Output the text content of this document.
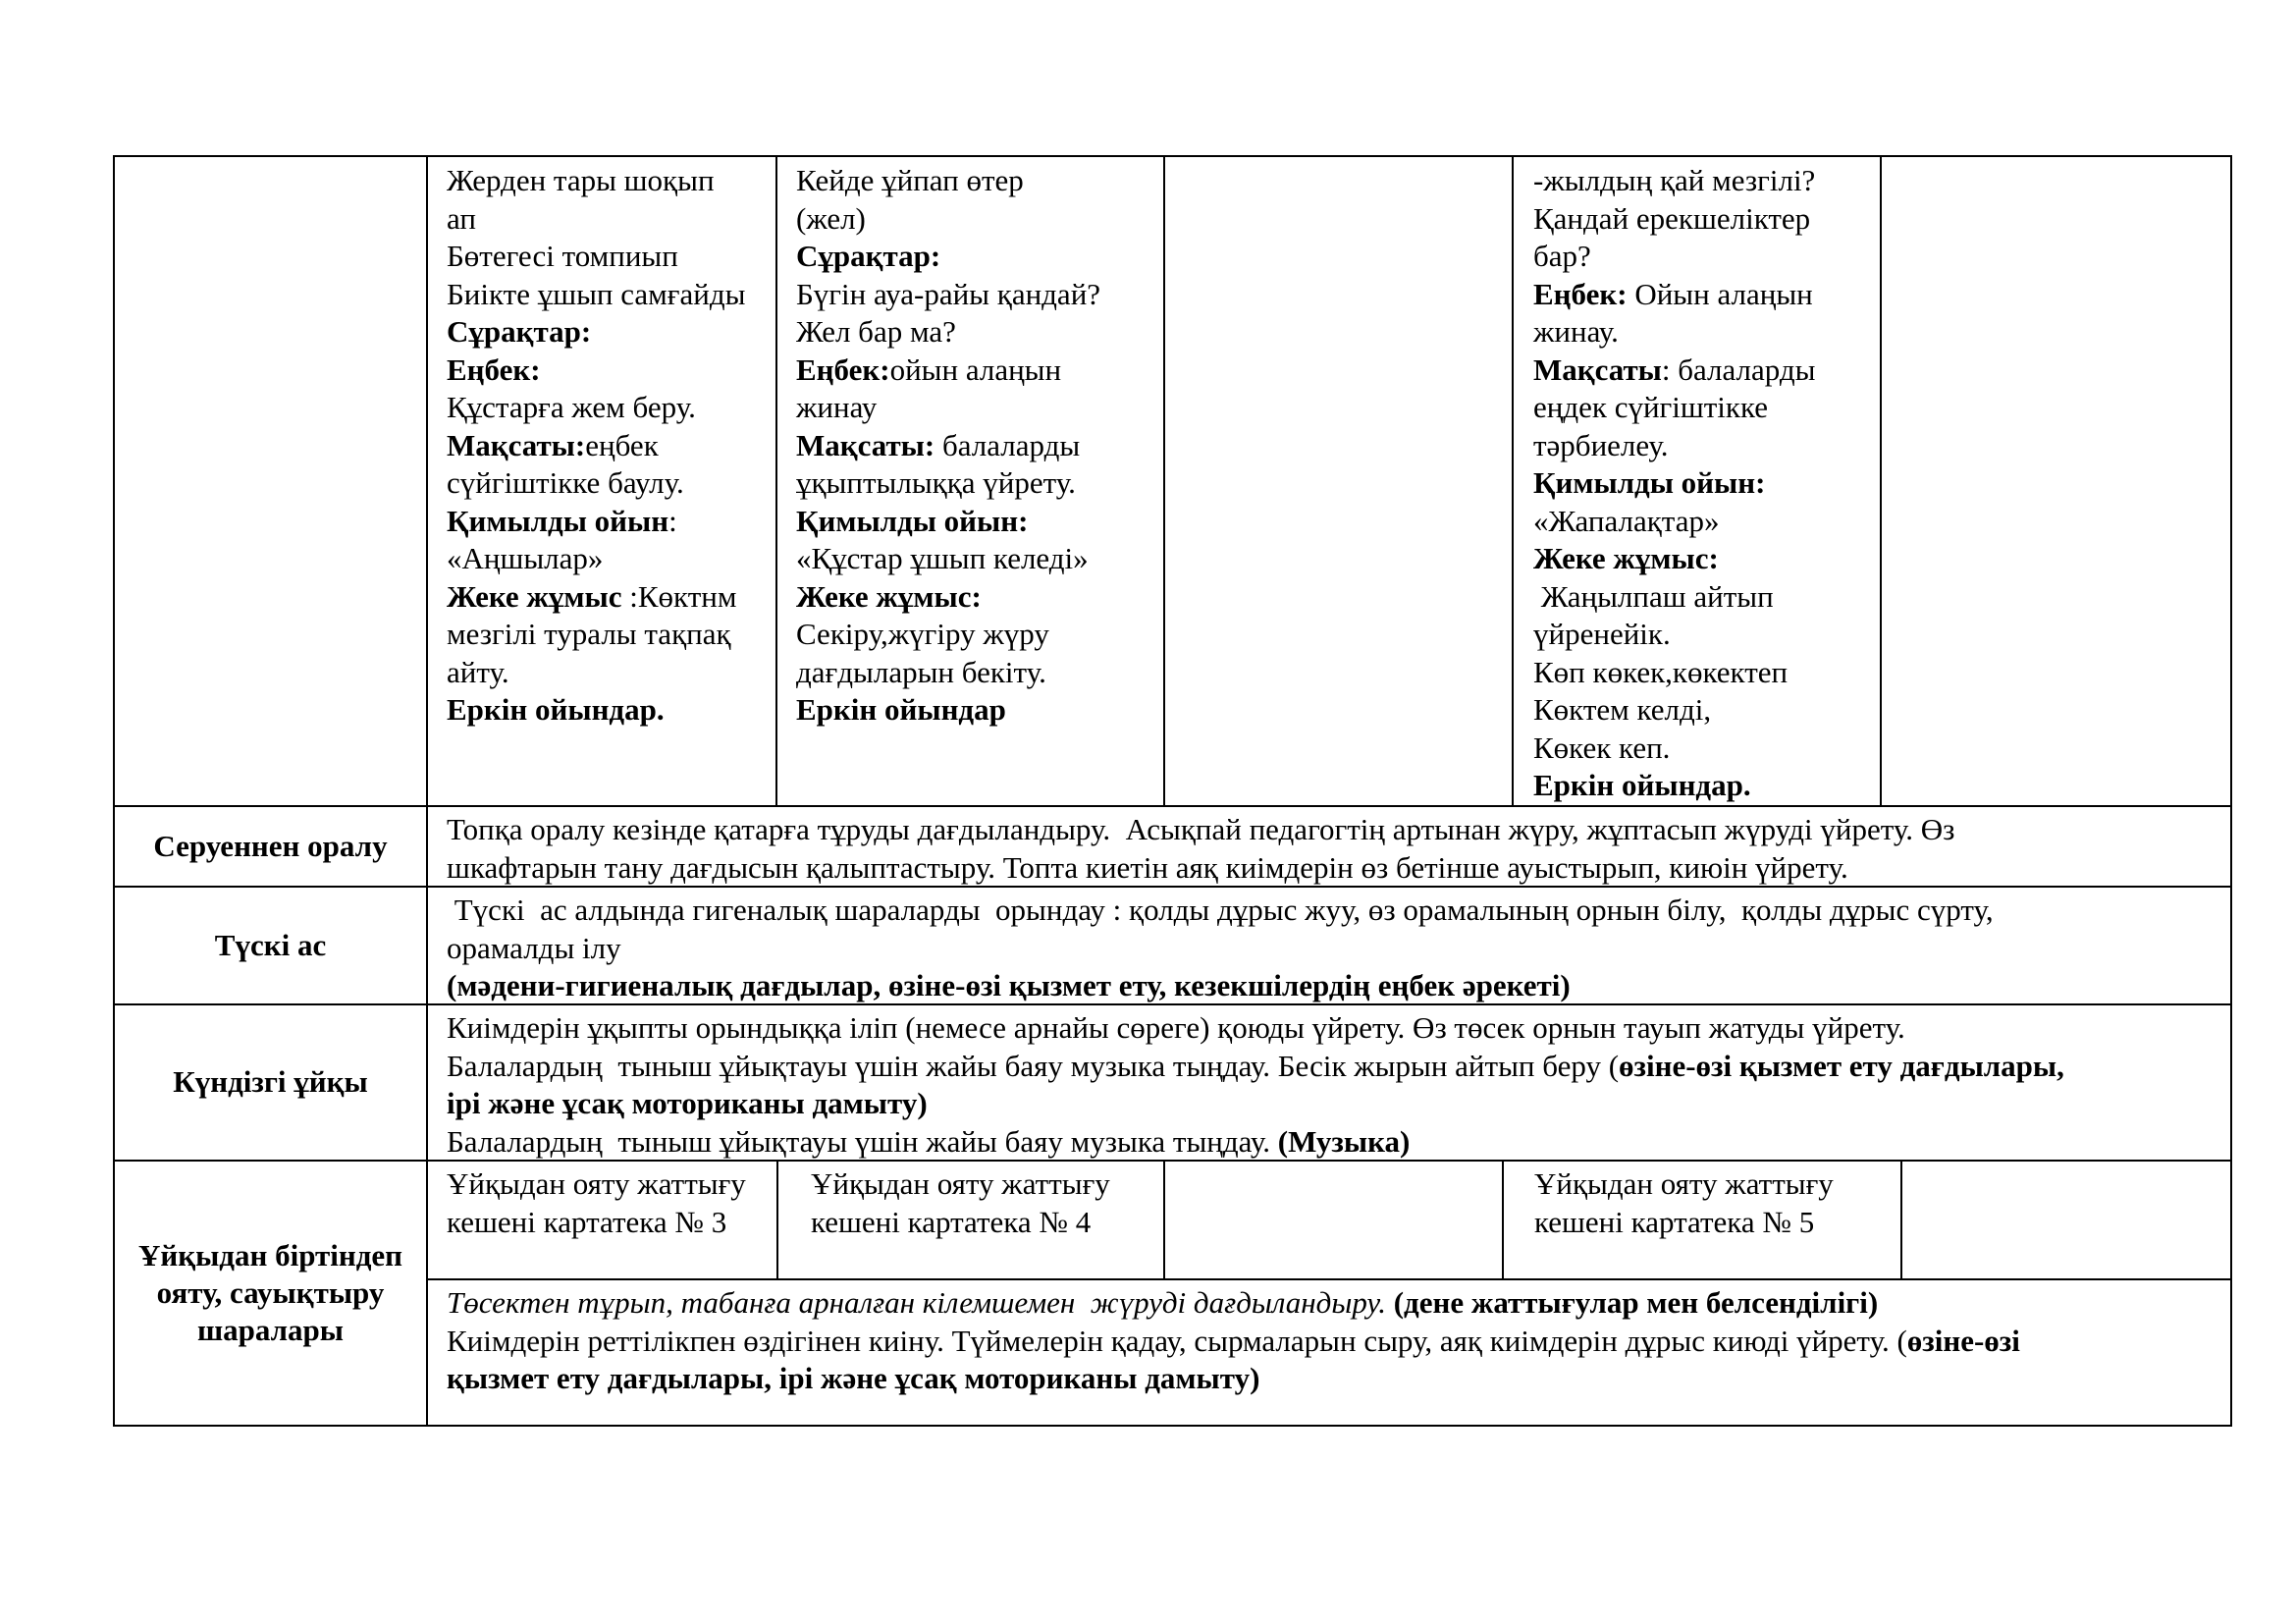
Жерден тары шоқып
ап
Бөтегесі томпиып
Биікте ұшып самғайды
Сұрақтар:
Еңбек:
Құстарға жем беру.
Мақсаты:еңбек
сүйгіштікке баулу.
Қимылды ойын:
«Аңшылар»
Жеке жұмыс :Көктнм
мезгілі туралы тақпақ
айту.
Еркін ойындар.
Кейде ұйпап өтер
(жел)
Сұрақтар:
Бүгін ауа-райы қандай?
Жел бар ма?
Еңбек:ойын алаңын
жинау
Мақсаты: балаларды
ұқыптылыққа үйрету.
Қимылды ойын:
«Құстар ұшып келеді»
Жеке жұмыс:
Секіру,жүгіру жүру
дағдыларын бекіту.
Еркін ойындар
-жылдың қай мезгілі?
Қандай ерекшеліктер
бар?
Еңбек: Ойын алаңын
жинау.
Мақсаты: балаларды
еңдек сүйгіштікке
тәрбиелеу.
Қимылды ойын:
«Жапалақтар»
Жеке жұмыс:
Жаңылпаш айтып
үйренейік.
Көп көкек,көкектеп
Көктем келді,
Көкек кеп.
Еркін ойындар.
Серуеннен оралу	Топқа оралу кезінде қатарға тұруды дағдыландыру.  Асықпай педагогтің артынан жүру, жұптасып жүруді үйрету. Өз
шкафтарын тану дағдысын қалыптастыру. Топта киетін аяқ киімдерін өз бетінше ауыстырып, киюін үйрету.
Түскі ас
Түскі  ас алдында гигеналық шараларды  орындау : қолды дұрыс жуу, өз орамалының орнын білу,  қолды дұрыс сүрту,
орамалды ілу
(мәдени-гигиеналық дағдылар, өзіне-өзі қызмет ету, кезекшілердің еңбек әрекеті)
Күндізгі ұйқы
Киімдерін ұқыпты орындыққа іліп (немесе арнайы сөреге) қоюды үйрету. Өз төсек орнын тауып жатуды үйрету.
Балалардың  тыныш ұйықтауы үшін жайы баяу музыка тыңдау. Бесік жырын айтып беру (өзіне-өзі қызмет ету дағдылары,
ірі және ұсақ моториканы дамыту)
Балалардың  тыныш ұйықтауы үшін жайы баяу музыка тыңдау. (Музыка)
Ұйқыдан біртіндеп
ояту, сауықтыру
шаралары
Ұйқыдан ояту жаттығу
кешені картатека № 3
Ұйқыдан ояту жаттығу
кешені картатека № 4
Ұйқыдан ояту жаттығу
кешені картатека № 5
Төсектен тұрып, табанға арналған кілемшемен  жүруді дағдыландыру. (дене жаттығулар мен белсенділігі)
Киімдерін реттілікпен өздігінен киіну. Түймелерін қадау, сырмаларын сыру, аяқ киімдерін дұрыс киюді үйрету. (өзіне-өзі
қызмет ету дағдылары, ірі және ұсақ моториканы дамыту)
